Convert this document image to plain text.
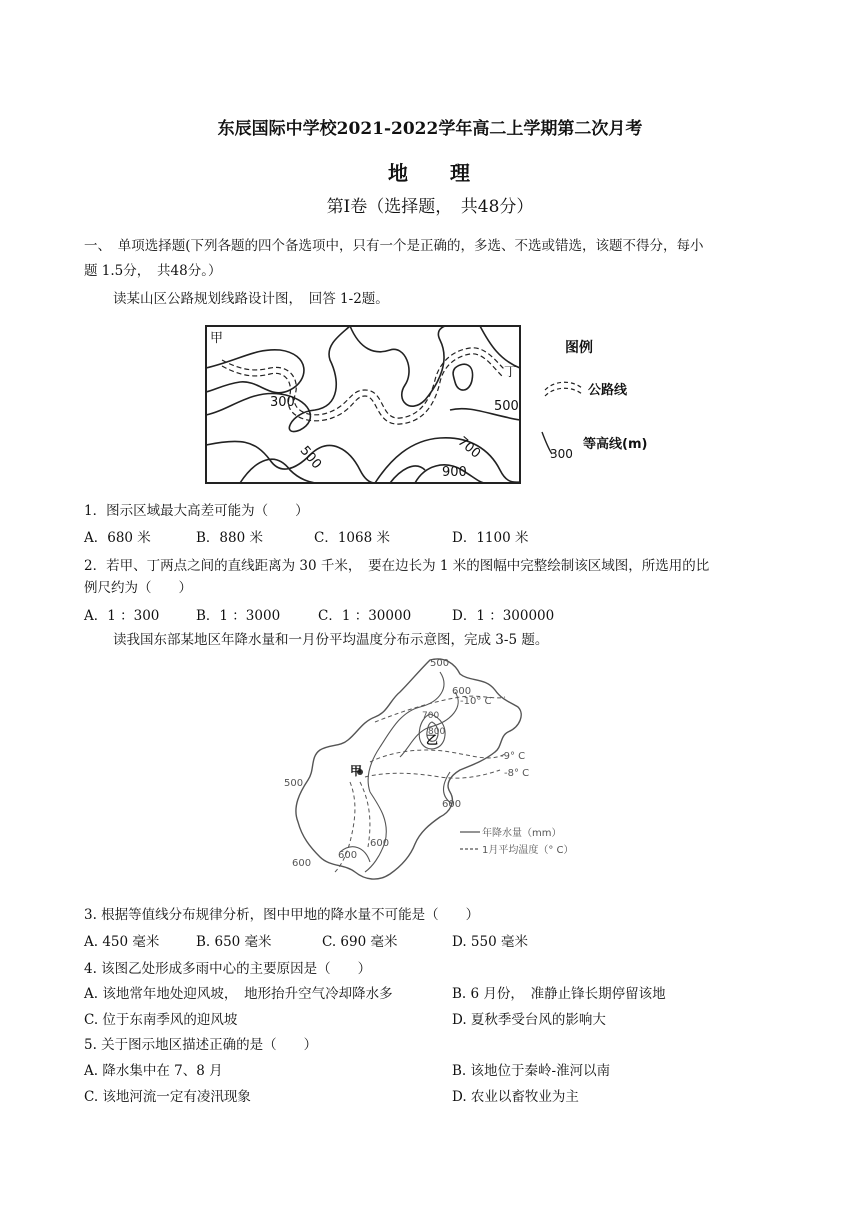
东辰国际中学校2021-2022学年高二上学期第二次月考
地 理
第Ⅰ卷（选择题，　共48分）
一、　单项选择题(下列各题的四个备选项中，只有一个是正确的，多选、不选或错选，该题不得分，每小
题 1.5分，　共48分。）
读某山区公路规划线路设计图，　回答 1-2题。
甲
丁
300	500
500	700
900
图例
公路线
300
等高线(m)
1．图示区域最大高差可能为（　　）
A．680 米	B．880 米	C．1068 米	D．1100 米
2．若甲、丁两点之间的直线距离为 30 千米，　要在边长为 1 米的图幅中完整绘制该区域图，所选用的比
例尺约为（　　）
A．1 ：300	B．1 ：3000	C．1 ：30000	D．1 ：300000
读我国东部某地区年降水量和一月份平均温度分布示意图，完成 3-5 题。
甲
乙
500
600
700
800
500
600
600
600
600
-10° C
-9° C
-8° C
年降水量（mm）
1月平均温度（° C）
3. 根据等值线分布规律分析，图中甲地的降水量不可能是（　　）
A. 450 毫米	B. 650 毫米	C. 690 毫米	D. 550 毫米
4. 该图乙处形成多雨中心的主要原因是（　　）
A. 该地常年地处迎风坡，　地形抬升空气冷却降水多	B. 6 月份，　准静止锋长期停留该地
C. 位于东南季风的迎风坡	D. 夏秋季受台风的影响大
5. 关于图示地区描述正确的是（　　）
A. 降水集中在 7、8 月	B. 该地位于秦岭-淮河以南
C. 该地河流一定有凌汛现象	D. 农业以畜牧业为主
